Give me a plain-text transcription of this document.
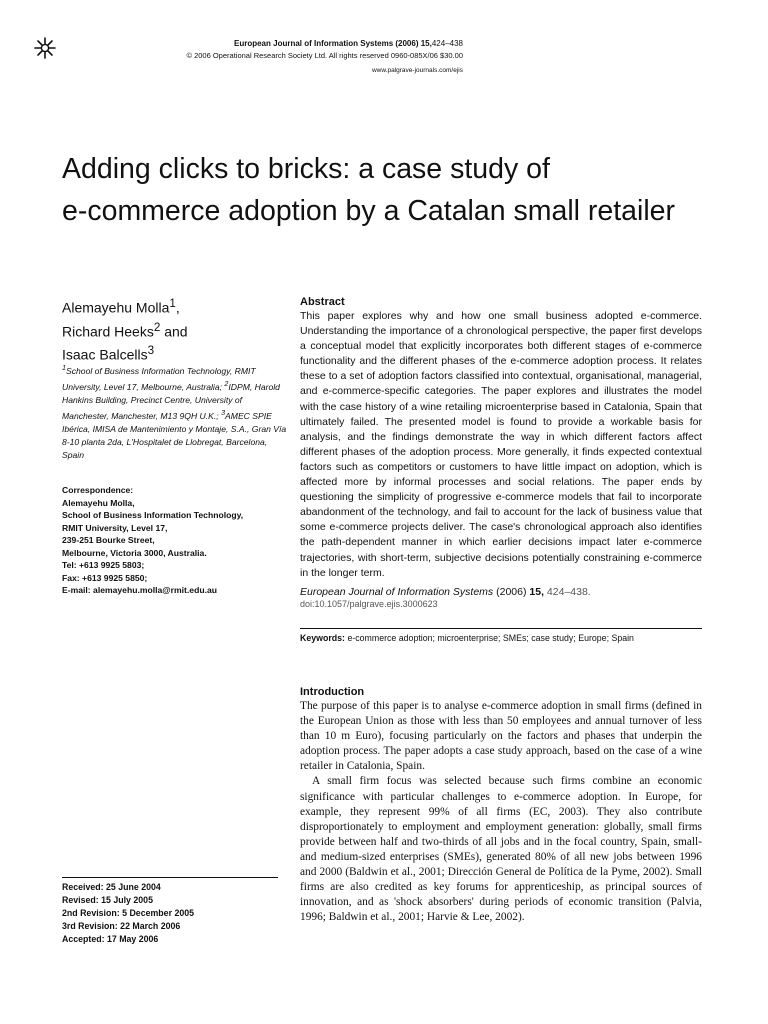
European Journal of Information Systems (2006) 15,424–438
© 2006 Operational Research Society Ltd. All rights reserved 0960-085X/06 $30.00
www.palgrave-journals.com/ejis
Adding clicks to bricks: a case study of
e-commerce adoption by a Catalan small retailer
Alemayehu Molla$^1$,
Richard Heeks$^2$ and
Isaac Balcells$^3$
$^1$School of Business Information Technology, RMIT University, Level 17, Melbourne, Australia; $^2$IDPM, Harold Hankins Building, Precinct Centre, University of Manchester, Manchester, M13 9QH U.K.; $^3$AMEC SPIE Ibérica, IMISA de Mantenimiento y Montaje, S.A., Gran Vía 8-10 planta 2da, L'Hospitalet de Llobregat, Barcelona, Spain
Correspondence:
Alemayehu Molla,
School of Business Information Technology,
RMIT University, Level 17,
239-251 Bourke Street,
Melbourne, Victoria 3000, Australia.
Tel: +613 9925 5803;
Fax: +613 9925 5850;
E-mail: alemayehu.molla@rmit.edu.au
Received: 25 June 2004
Revised: 15 July 2005
2nd Revision: 5 December 2005
3rd Revision: 22 March 2006
Accepted: 17 May 2006
Abstract

This paper explores why and how one small business adopted e-commerce. Understanding the importance of a chronological perspective, the paper first develops a conceptual model that explicitly incorporates both different stages of e-commerce functionality and the different phases of the e-commerce adoption process. It relates these to a set of adoption factors classified into contextual, organisational, managerial, and e-commerce-specific categories. The paper explores and illustrates the model with the case history of a wine retailing microenterprise based in Catalonia, Spain that ultimately failed. The presented model is found to provide a workable basis for analysis, and the findings demonstrate the way in which different factors affect different phases of the adoption process. More generally, it finds expected contextual factors such as competitors or customers to have little impact on adoption, which is affected more by informal processes and social relations. The paper ends by questioning the simplicity of progressive e-commerce models that fail to incorporate abandonment of the technology, and fail to account for the lack of business value that some e-commerce projects deliver. The case's chronological approach also identifies the path-dependent manner in which earlier decisions impact later e-commerce trajectories, with short-term, subjective decisions potentially constraining e-commerce in the longer term.

European Journal of Information Systems (2006) 15, 424–438.
doi:10.1057/palgrave.ejis.3000623
Keywords: e-commerce adoption; microenterprise; SMEs; case study; Europe; Spain
Introduction

The purpose of this paper is to analyse e-commerce adoption in small firms (defined in the European Union as those with less than 50 employees and annual turnover of less than 10 m Euro), focusing particularly on the factors and phases that underpin the adoption process. The paper adopts a case study approach, based on the case of a wine retailer in Catalonia, Spain.

A small firm focus was selected because such firms combine an economic significance with particular challenges to e-commerce adoption. In Europe, for example, they represent 99% of all firms (EC, 2003). They also contribute disproportionately to employment and employment generation: globally, small firms provide between half and two-thirds of all jobs and in the focal country, Spain, small- and medium-sized enterprises (SMEs), generated 80% of all new jobs between 1996 and 2000 (Baldwin et al., 2001; Dirección General de Política de la Pyme, 2002). Small firms are also credited as key forums for apprenticeship, as principal sources of innovation, and as 'shock absorbers' during periods of economic transition (Palvia, 1996; Baldwin et al., 2001; Harvie & Lee, 2002).
